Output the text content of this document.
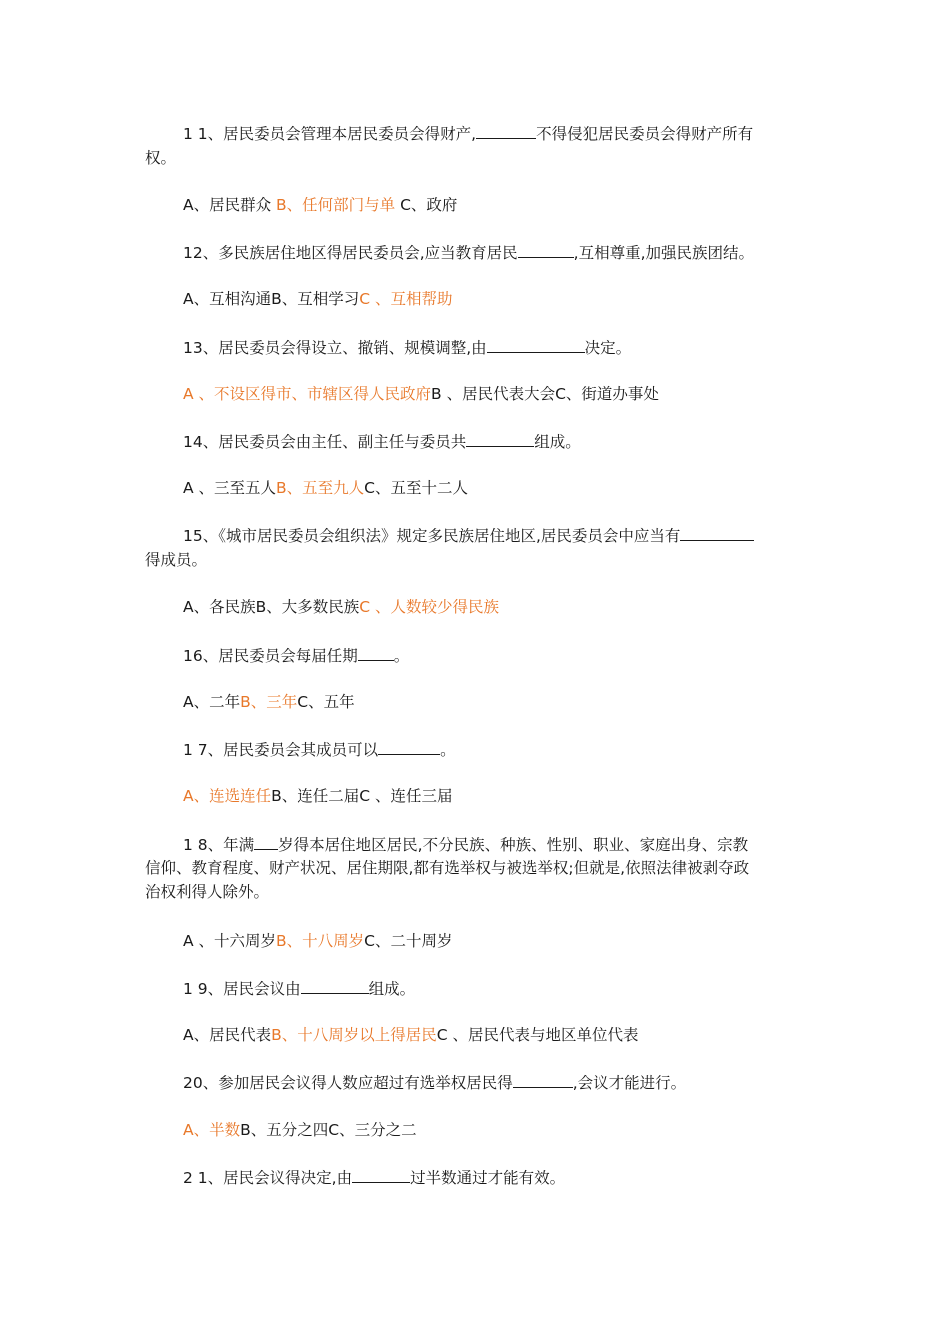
1 1、居民委员会管理本居民委员会得财产,	不得侵犯居民委员会得财产所有
权。
A、居民群众 B、任何部门与单 C、政府
12、多民族居住地区得居民委员会,应当教育居民	,互相尊重,加强民族团结。
A、互相沟通B、互相学习C 、互相帮助
13、居民委员会得设立、撤销、规模调整,由	决定。
A 、不设区得市、市辖区得人民政府B 、居民代表大会C、街道办事处
14、居民委员会由主任、副主任与委员共	组成。
A 、三至五人B、五至九人C、五至十二人
15、《城市居民委员会组织法》规定多民族居住地区,居民委员会中应当有
得成员。
A、各民族B、大多数民族C 、人数较少得民族
16、居民委员会每届任期 。
A、二年B、三年C、五年
1 7、居民委员会其成员可以	。
A、连选连任B、连任二届C 、连任三届
1 8、年满 岁得本居住地区居民,不分民族、种族、性别、职业、家庭出身、宗教
信仰、教育程度、财产状况、居住期限,都有选举权与被选举权;但就是,依照法律被剥夺政
治权利得人除外。
A 、十六周岁B、十八周岁C、二十周岁
1 9、居民会议由	组成。
A、居民代表B、十八周岁以上得居民C 、居民代表与地区单位代表
20、参加居民会议得人数应超过有选举权居民得	,会议才能进行。
A、半数B、五分之四C、三分之二
2 1、居民会议得决定,由	过半数通过才能有效。
